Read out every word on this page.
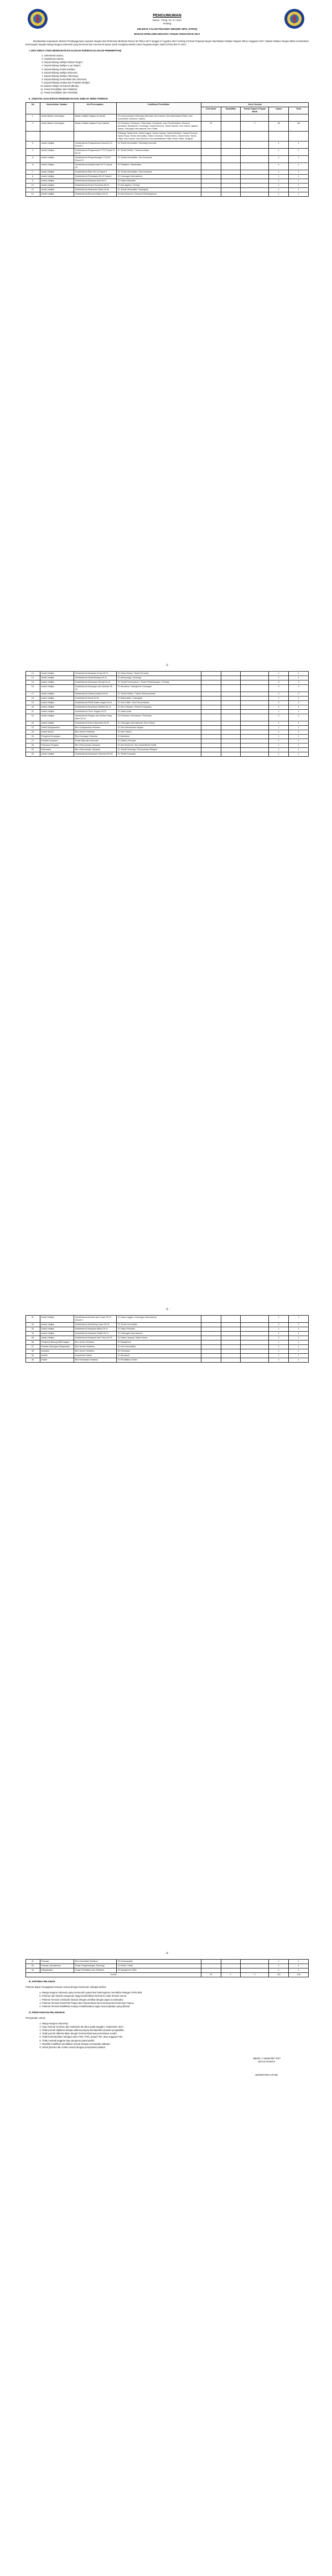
PENGUMUMAN
Nomor : Peng. 01 / II / 2017
tentang
SELEKSI CALON PEGAWAI NEGERI SIPIL (CPNS)
BADAN INTELIJEN NEGARA TAHUN ANGGARAN 2017

Berdasarkan Keputusan Menteri Pendayagunaan Aparatur Negara dan Reformasi Birokrasi Nomor 82 Tahun 2017 tanggal 17 Agustus 2017 tentang Formasi Pegawai Negeri Sipil Badan Intelijen Negara Tahun Anggaran 2017, Badan Intelijen Negara (BIN) memberikan kesempatan kepada Warga Negara Indonesia yang berminat dan memenuhi syarat untuk mengikuti seleksi Calon Pegawai Negeri Sipil (CPNS) BIN TA 2017.

I. UNIT KERJA YANG MENDAPATKAN ALOKASI FORMASI (ALOKASI PENEMPATAN)
1. Sekretariat Utama;
2. Inspektorat Utama;
3. Deputi Bidang Intelijen Dalam Negeri;
4. Deputi Bidang Intelijen Luar Negeri;
5. Deputi Bidang Kontra Intelijen;
6. Deputi Bidang Intelijen Ekonomi;
7. Deputi Bidang Intelijen Teknologi;
8. Deputi Bidang Komunikasi dan Informasi;
9. Deputi Bidang Analisa dan Produksi Intelijen;
10. Badan Intelijen di Daerah (Binda);
11. Pusat Pendidikan dan Pelatihan;
12. Pusat Pendidikan dan Penelitian.
II. JABATAN, KUALIFIKASI PENDIDIKAN DAN JUMLAH JENIS FORMASI
No	Nomenklatur Jabatan	Unit Penempatan	Kualifikasi Pendidikan	Jenis Formasi				
				Cum laude	Disabilitas	Putra/i Papua & Papua Barat	Umum	Total
1.	Analis Bahan Keterangan	Badan Intelijen Negara di Daerah	S1 semua jurusan (Teknologi Informasi, Ilmu Hukum, Ilmu Administrasi Publik, Ilmu Komunikasi, Ekonomi, Sastra)					
2.	Analis Bahan Keterangan	Badan Intelijen Negara Pusat Jakarta	S1 Pertanian, Perikanan, Peternakan, Kehutanan, Ilmu Pemerintahan, Ekonomi, Akuntansi, Manajemen, Keuangan, Sosial Ekonomi, Teknik Industri, Ilmu Hukum, Agama, Sastra, Hubungan Internasional, Ilmu Politik	10		3	65	88
			Psikologi, Sastra Arab, Sastra Inggris, Sastra Jepang, Sastra Mandarin, Sastra Perancis, Sastra Rusia, Teknik Informatika, Sistem Informasi, Teknik Elektro, Teknik Kimia, Teknik Fisika, Ilmu Hukum, Ilmu Ekonomi, Ilmu Administrasi Publik, Kimia, Fisika, Geografi					
3.	Analis Intelijen	Subdirektorat Penginderaan Visual Di-23 Deputi II	S1 Teknik Informatika / Teknologi Informasi				1	1
4.	Analis Intelijen	Subdirektorat Pengamanan FTTH Deputi VI Dir 62	S1 Teknik Elektro / Telekomunikasi				1	1
5.	Analis Intelijen	Subdirektorat Pengembangan TI Dit 62 Deputi VI	S1 Teknik Informatika / Ilmu Komputer				1	1
6.	Analis Intelijen	Subdirektorat Analisis Data Dit 71 Deputi VII	S1 Statistika / Matematika				1	1
7.	Analis Intelijen	Subdirektorat Siber Dit 24 Deputi II	S2 Teknik Informatika / Ilmu Komputer				1	1
8.	Analis Intelijen	Subdirektorat Perbatasan Dit 13 Deputi I	S1 Hubungan Internasional				1	1
9.	Analis Intelijen	Subdirektorat Kawasan Asia Dit 21	S1 Sastra Mandarin				1	1
10.	Analis Intelijen	Subdirektorat Kontra Terorisme Dit 31	S1 Ilmu Agama / Teologi				1	1
11.	Analis Intelijen	Subdirektorat Keamanan Siber Dit 61	S1 Teknik Informatika / Kriptografi				1	1
12.	Analis Intelijen	Subdirektorat Ekonomi Makro Dit 41	S1 Ilmu Ekonomi / Ekonomi Pembangunan				1	1
- 2 -
13.	Analis Intelijen	Subdirektorat Kawasan Eropa Dit 22	S1 Sastra Rusia / Sastra Perancis				1	1
14.	Analis Intelijen	Subdirektorat Sosial Budaya Dit 12	S1 Antropologi / Sosiologi				1	1
15.	Analis Intelijen	Subdirektorat Keamanan Energi Dit 42	S1 Teknik Perminyakan / Teknik Pertambangan / Geologi				2	2
16.	Analis Intelijen	Subdirektorat Keuangan dan Moneter Dit 43	S1 Akuntansi / Manajemen Keuangan				2	2
17.	Analis Intelijen	Subdirektorat Telekomunikasi Dit 63	S1 Teknik Elektro / Teknik Telekomunikasi				2	2
18.	Analis Intelijen	Subdirektorat Sandi Dit 64	S1 Matematika / Kriptografi				1	1
19.	Analis Intelijen	Subdirektorat Politik Dalam Negeri Dit 11	S1 Ilmu Politik / Ilmu Pemerintahan				2	2
20.	Analis Intelijen	Subdirektorat Keamanan Maritim Dit 14	S1 Ilmu Kelautan / Teknik Perkapalan				1	1
21.	Analis Intelijen	Subdirektorat Timur Tengah Dit 23	S1 Sastra Arab				1	1
22.	Analis Intelijen	Subdirektorat Pangan dan Sumber Daya Alam Dit 44	S1 Pertanian / Kehutanan / Perikanan				2	2
23.	Analis Intelijen	Subdirektorat Kontra Spionase Dit 32	S1 Hubungan Internasional / Ilmu Hukum				1	1
24.	Analis Kepegawaian	Biro Kepegawaian Sestama	S1 Ilmu Administrasi Negara				1	1
25.	Analis Hukum	Biro Hukum Sestama	S1 Ilmu Hukum				1	1
26.	Pengelola Keuangan	Biro Keuangan Sestama	S1 Akuntansi				1	1
27.	Pranata Komputer	Pusat Data dan Informasi	S1 Sistem Informasi				1	1
28.	Penyusun Program	Biro Perencanaan Sestama	S1 Ilmu Ekonomi / Ilmu Administrasi Publik				1	1
29.	Perencana	Biro Perencanaan Sestama	S1 Teknik Planologi / Perencanaan Wilayah				1	1
30.	Analis Intelijen	Subdirektorat Keamanan Informasi Dit 65	S1 Teknik Komputer				1	1
- 3 -
31.	Analis Intelijen	Subdirektorat Amerika dan Eropa Dit 22 Deputi II	S1 Sastra Inggris / Hubungan Internasional				1	1
32.	Analis Intelijen	Subdirektorat Monitoring Cyber Dit 24	S1 Teknik Informatika				2	2
33.	Analis Intelijen	Subdirektorat Kawasan Afrika Dit 21	S1 Sastra Perancis				1	1
34.	Analis Intelijen	Subdirektorat Kawasan Pasifik Dit 21	S1 Hubungan Internasional				1	1
35.	Analis Intelijen	Subdirektorat Kawasan Asia Timur Dit 22	S1 Sastra Jepang / Sastra Korea				2	2
36.	Pengelola Barang Milik Negara	Biro Umum Sestama	S1 Manajemen				1	1
37.	Pranata Hubungan Masyarakat	Biro Humas Sestama	S1 Ilmu Komunikasi				1	1
38.	Arsiparis	Biro Umum Sestama	D3 Kearsipan				1	1
39.	Auditor	Inspektorat Utama	S1 Akuntansi				1	1
40.	Dokter	Biro Kesehatan Sestama	S1 Pendidikan Dokter				1	1
- 4 -
41.	Perawat	Biro Kesehatan Sestama	D3 Keperawatan				1	1
42.	Pranata Laboratorium	Pusat Pengembangan Teknologi	S1 Kimia / Fisika				1	1
43.	Widyaiswara	Pusat Pendidikan dan Pelatihan	S2 Manajemen SDM				1	1
Jumlah				20	2	3	115	140
III. KRITERIA PELAMAR

Pelamar dapat mengajukan lamaran sesuai dengan ketentuan sebagai berikut:

a. Warga Negara Indonesia yang memenuhi syarat dan berkeinginan mendaftar sebagai CPNS BIN;
b. Pelamar dari lulusan perguruan tinggi terakreditasi minimal B untuk formasi umum;
c. Pelamar formasi Cumlaude lulusan dengan predikat dengan pujian (cumlaude);
d. Pelamar formasi Putra/Putri Papua dan Papua Barat harus berasal dari keturunan Papua;
e. Pelamar formasi Disabilitas mampu melaksanakan tugas sesuai jabatan yang dilamar.
IV. PERSYARATAN PELAMARAN

Persyaratan Umum

1. Warga Negara Indonesia;
2. Usia minimal 18 tahun dan maksimal 35 tahun pada tanggal 1 September 2017;
3. Tidak pernah dipidana dengan pidana penjara berdasarkan putusan pengadilan;
4. Tidak pernah diberhentikan dengan hormat tidak atas permintaan sendiri;
5. Tidak berkedudukan sebagai calon PNS, PNS, prajurit TNI, atau anggota Polri;
6. Tidak menjadi anggota atau pengurus partai politik;
7. Memiliki kualifikasi pendidikan sesuai dengan persyaratan jabatan;
8. Sehat jasmani dan rohani sesuai dengan persyaratan jabatan.
Jakarta, 1 September 2017
KETUA PANITIA
SEKRETARIS UTAMA
